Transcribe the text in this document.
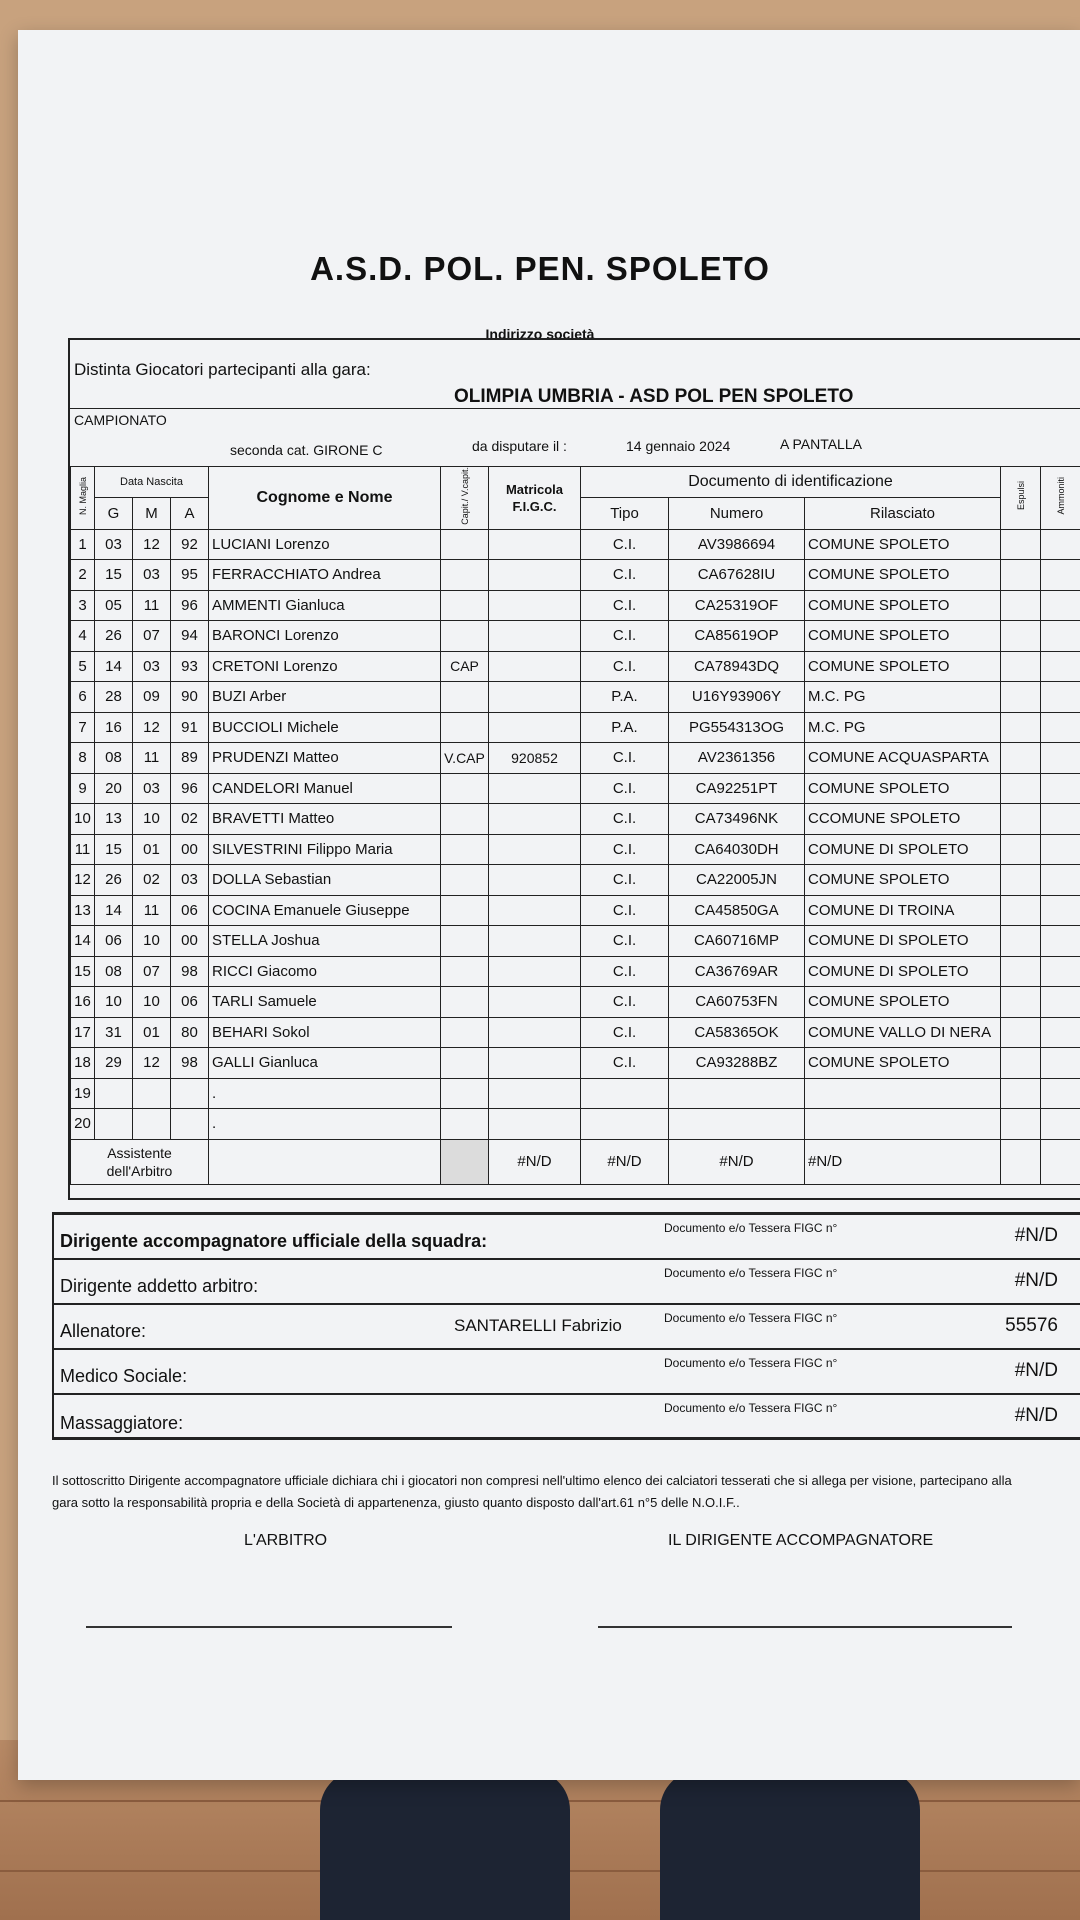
A.S.D. POL. PEN. SPOLETO
Indirizzo società
Distinta Giocatori partecipanti alla gara:
OLIMPIA UMBRIA - ASD POL PEN SPOLETO
CAMPIONATO
seconda cat. GIRONE C	da disputare il :	14 gennaio 2024	A PANTALLA
N. Maglia	Data Nascita			Cognome e Nome	Capit./ V.capit.	Matricola
F.I.G.C.	Documento di identificazione			Espulsi	Ammoniti
	G	M	A				Tipo	Numero	Rilasciato		
1	03	12	92	LUCIANI Lorenzo			C.I.	AV3986694	COMUNE SPOLETO		
2	15	03	95	FERRACCHIATO Andrea			C.I.	CA67628IU	COMUNE SPOLETO		
3	05	11	96	AMMENTI Gianluca			C.I.	CA25319OF	COMUNE SPOLETO		
4	26	07	94	BARONCI Lorenzo			C.I.	CA85619OP	COMUNE SPOLETO		
5	14	03	93	CRETONI Lorenzo	CAP		C.I.	CA78943DQ	COMUNE SPOLETO		
6	28	09	90	BUZI Arber			P.A.	U16Y93906Y	M.C. PG		
7	16	12	91	BUCCIOLI Michele			P.A.	PG554313OG	M.C. PG		
8	08	11	89	PRUDENZI Matteo	V.CAP	920852	C.I.	AV2361356	COMUNE ACQUASPARTA		
9	20	03	96	CANDELORI Manuel			C.I.	CA92251PT	COMUNE SPOLETO		
10	13	10	02	BRAVETTI Matteo			C.I.	CA73496NK	CCOMUNE SPOLETO		
11	15	01	00	SILVESTRINI Filippo Maria			C.I.	CA64030DH	COMUNE DI SPOLETO		
12	26	02	03	DOLLA Sebastian			C.I.	CA22005JN	COMUNE SPOLETO		
13	14	11	06	COCINA Emanuele Giuseppe			C.I.	CA45850GA	COMUNE DI TROINA		
14	06	10	00	STELLA Joshua			C.I.	CA60716MP	COMUNE DI SPOLETO		
15	08	07	98	RICCI Giacomo			C.I.	CA36769AR	COMUNE DI SPOLETO		
16	10	10	06	TARLI Samuele			C.I.	CA60753FN	COMUNE SPOLETO		
17	31	01	80	BEHARI Sokol			C.I.	CA58365OK	COMUNE VALLO DI NERA		
18	29	12	98	GALLI Gianluca			C.I.	CA93288BZ	COMUNE SPOLETO		
19				.							
20				.							

Assistente
dell'Arbitro						#N/D	#N/D	#N/D	#N/D		
Dirigente accompagnatore ufficiale della squadra:
Documento e/o Tessera FIGC n°	#N/D
Dirigente addetto arbitro:
Documento e/o Tessera FIGC n°	#N/D
Allenatore:	SANTARELLI Fabrizio	Documento e/o Tessera FIGC n°	55576
Medico Sociale:
Documento e/o Tessera FIGC n°	#N/D
Massaggiatore:
Documento e/o Tessera FIGC n°	#N/D
Il sottoscritto Dirigente accompagnatore ufficiale dichiara chi i giocatori non compresi nell'ultimo elenco dei calciatori tesserati che si allega per visione, partecipano alla
gara sotto la responsabilità propria e della Società di appartenenza, giusto quanto disposto dall'art.61 n°5 delle N.O.I.F..
L'ARBITRO	IL DIRIGENTE ACCOMPAGNATORE
